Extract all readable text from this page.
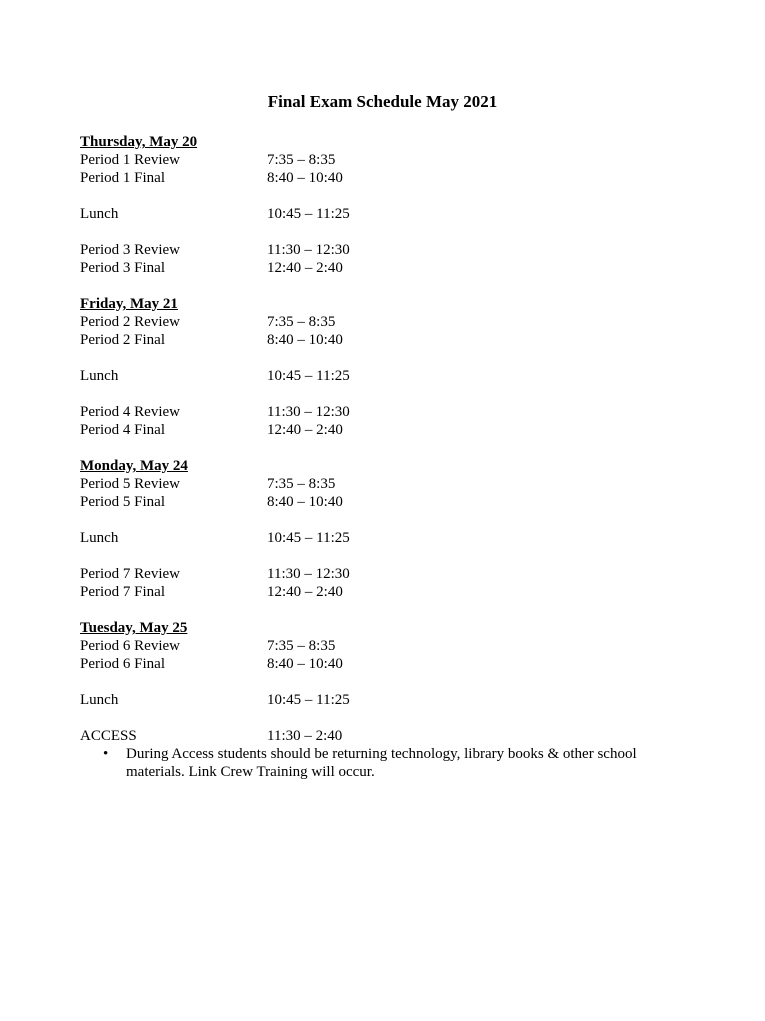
Final Exam Schedule May 2021
Thursday, May 20
Period 1 Review	7:35 – 8:35
Period 1 Final	8:40 – 10:40
Lunch	10:45 – 11:25
Period 3 Review	11:30 – 12:30
Period 3 Final	12:40 – 2:40
Friday, May 21
Period 2 Review	7:35 – 8:35
Period 2 Final	8:40 – 10:40
Lunch	10:45 – 11:25
Period 4 Review	11:30 – 12:30
Period 4 Final	12:40 – 2:40
Monday, May 24
Period 5 Review	7:35 – 8:35
Period 5 Final	8:40 – 10:40
Lunch	10:45 – 11:25
Period 7 Review	11:30 – 12:30
Period 7 Final	12:40 – 2:40
Tuesday, May 25
Period 6 Review	7:35 – 8:35
Period 6 Final	8:40 – 10:40
Lunch	10:45 – 11:25
ACCESS	11:30 – 2:40
• During Access students should be returning technology, library books & other school materials. Link Crew Training will occur.
